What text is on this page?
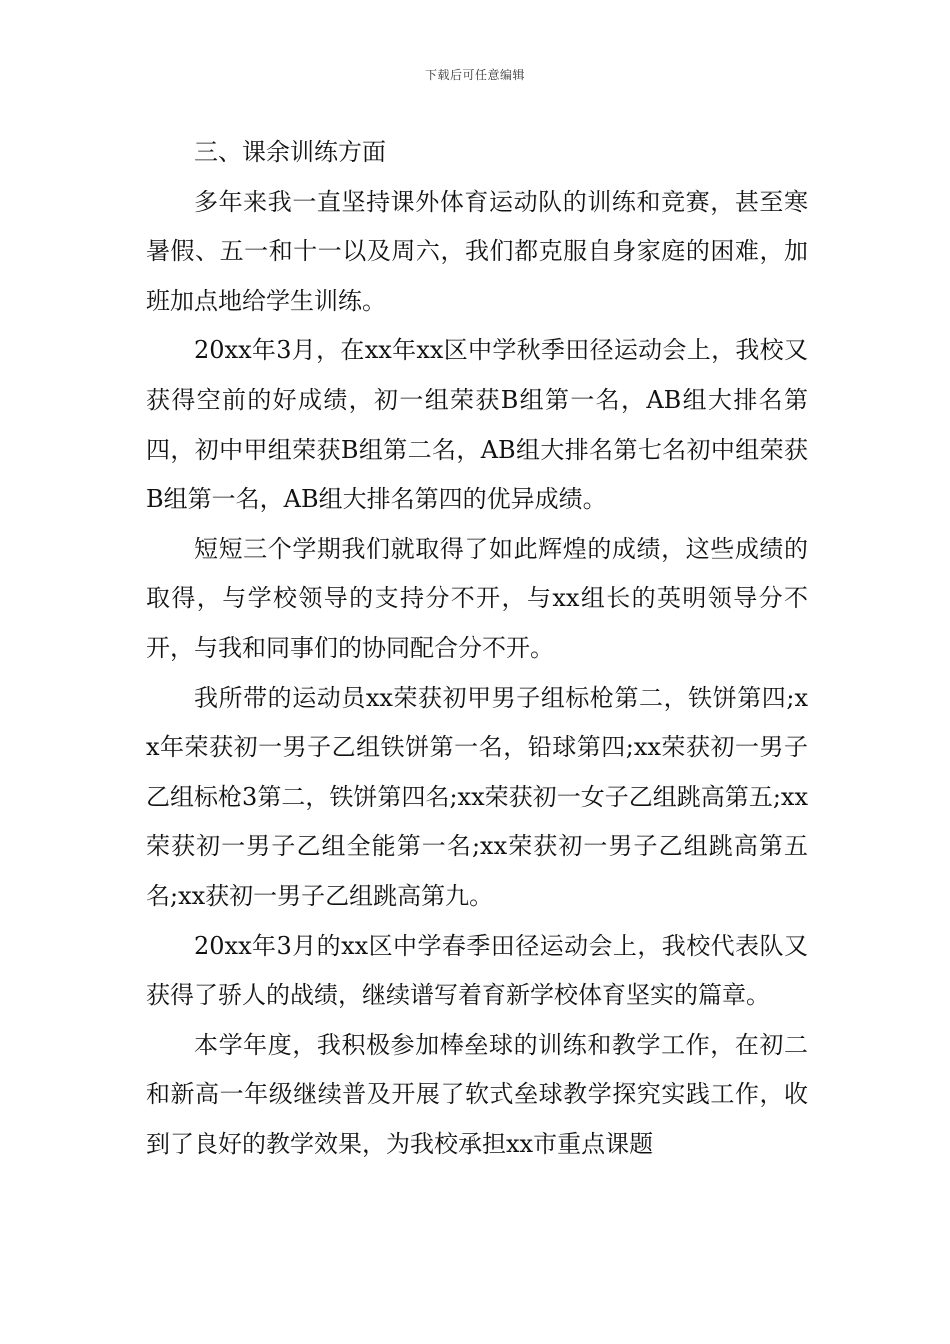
下载后可任意编辑

三、课余训练方面

多年来我一直坚持课外体育运动队的训练和竞赛，甚至寒暑假、五一和十一以及周六，我们都克服自身家庭的困难，加班加点地给学生训练。

20xx年3月，在xx年xx区中学秋季田径运动会上，我校又获得空前的好成绩，初一组荣获B组第一名，AB组大排名第四，初中甲组荣获B组第二名，AB组大排名第七名初中组荣获B组第一名，AB组大排名第四的优异成绩。

短短三个学期我们就取得了如此辉煌的成绩，这些成绩的取得，与学校领导的支持分不开，与xx组长的英明领导分不开，与我和同事们的协同配合分不开。

我所带的运动员xx荣获初甲男子组标枪第二，铁饼第四;xx年荣获初一男子乙组铁饼第一名，铅球第四;xx荣获初一男子乙组标枪3第二，铁饼第四名;xx荣获初一女子乙组跳高第五;xx荣获初一男子乙组全能第一名;xx荣获初一男子乙组跳高第五名;xx获初一男子乙组跳高第九。

20xx年3月的xx区中学春季田径运动会上，我校代表队又获得了骄人的战绩，继续谱写着育新学校体育坚实的篇章。

本学年度，我积极参加棒垒球的训练和教学工作，在初二和新高一年级继续普及开展了软式垒球教学探究实践工作，收到了良好的教学效果，为我校承担xx市重点课题
